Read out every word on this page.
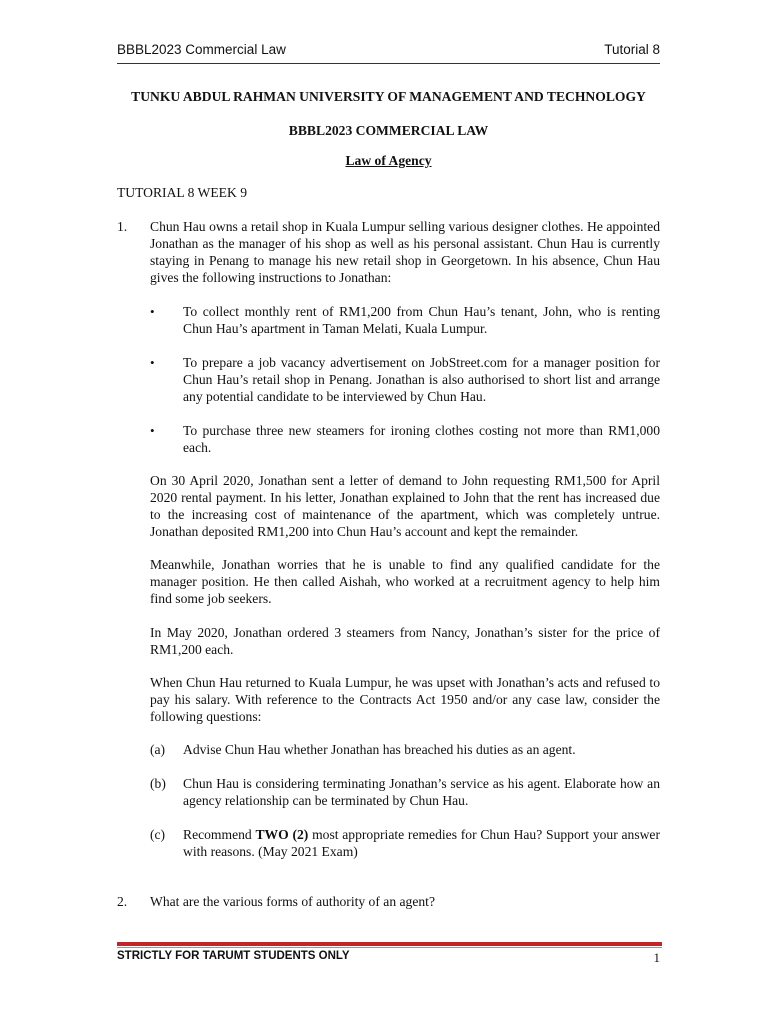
BBBL2023 Commercial Law	Tutorial 8
TUNKU ABDUL RAHMAN UNIVERSITY OF MANAGEMENT AND TECHNOLOGY
BBBL2023 COMMERCIAL LAW
Law of Agency
TUTORIAL 8 WEEK 9
1. Chun Hau owns a retail shop in Kuala Lumpur selling various designer clothes. He appointed Jonathan as the manager of his shop as well as his personal assistant. Chun Hau is currently staying in Penang to manage his new retail shop in Georgetown. In his absence, Chun Hau gives the following instructions to Jonathan:

• To collect monthly rent of RM1,200 from Chun Hau’s tenant, John, who is renting Chun Hau’s apartment in Taman Melati, Kuala Lumpur.

• To prepare a job vacancy advertisement on JobStreet.com for a manager position for Chun Hau’s retail shop in Penang. Jonathan is also authorised to short list and arrange any potential candidate to be interviewed by Chun Hau.

• To purchase three new steamers for ironing clothes costing not more than RM1,000 each.

On 30 April 2020, Jonathan sent a letter of demand to John requesting RM1,500 for April 2020 rental payment. In his letter, Jonathan explained to John that the rent has increased due to the increasing cost of maintenance of the apartment, which was completely untrue. Jonathan deposited RM1,200 into Chun Hau’s account and kept the remainder.

Meanwhile, Jonathan worries that he is unable to find any qualified candidate for the manager position. He then called Aishah, who worked at a recruitment agency to help him find some job seekers.

In May 2020, Jonathan ordered 3 steamers from Nancy, Jonathan’s sister for the price of RM1,200 each.

When Chun Hau returned to Kuala Lumpur, he was upset with Jonathan’s acts and refused to pay his salary. With reference to the Contracts Act 1950 and/or any case law, consider the following questions:

(a) Advise Chun Hau whether Jonathan has breached his duties as an agent.

(b) Chun Hau is considering terminating Jonathan’s service as his agent. Elaborate how an agency relationship can be terminated by Chun Hau.

(c) Recommend TWO (2) most appropriate remedies for Chun Hau? Support your answer with reasons. (May 2021 Exam)

2. What are the various forms of authority of an agent?

STRICTLY FOR TARUMT STUDENTS ONLY	1
